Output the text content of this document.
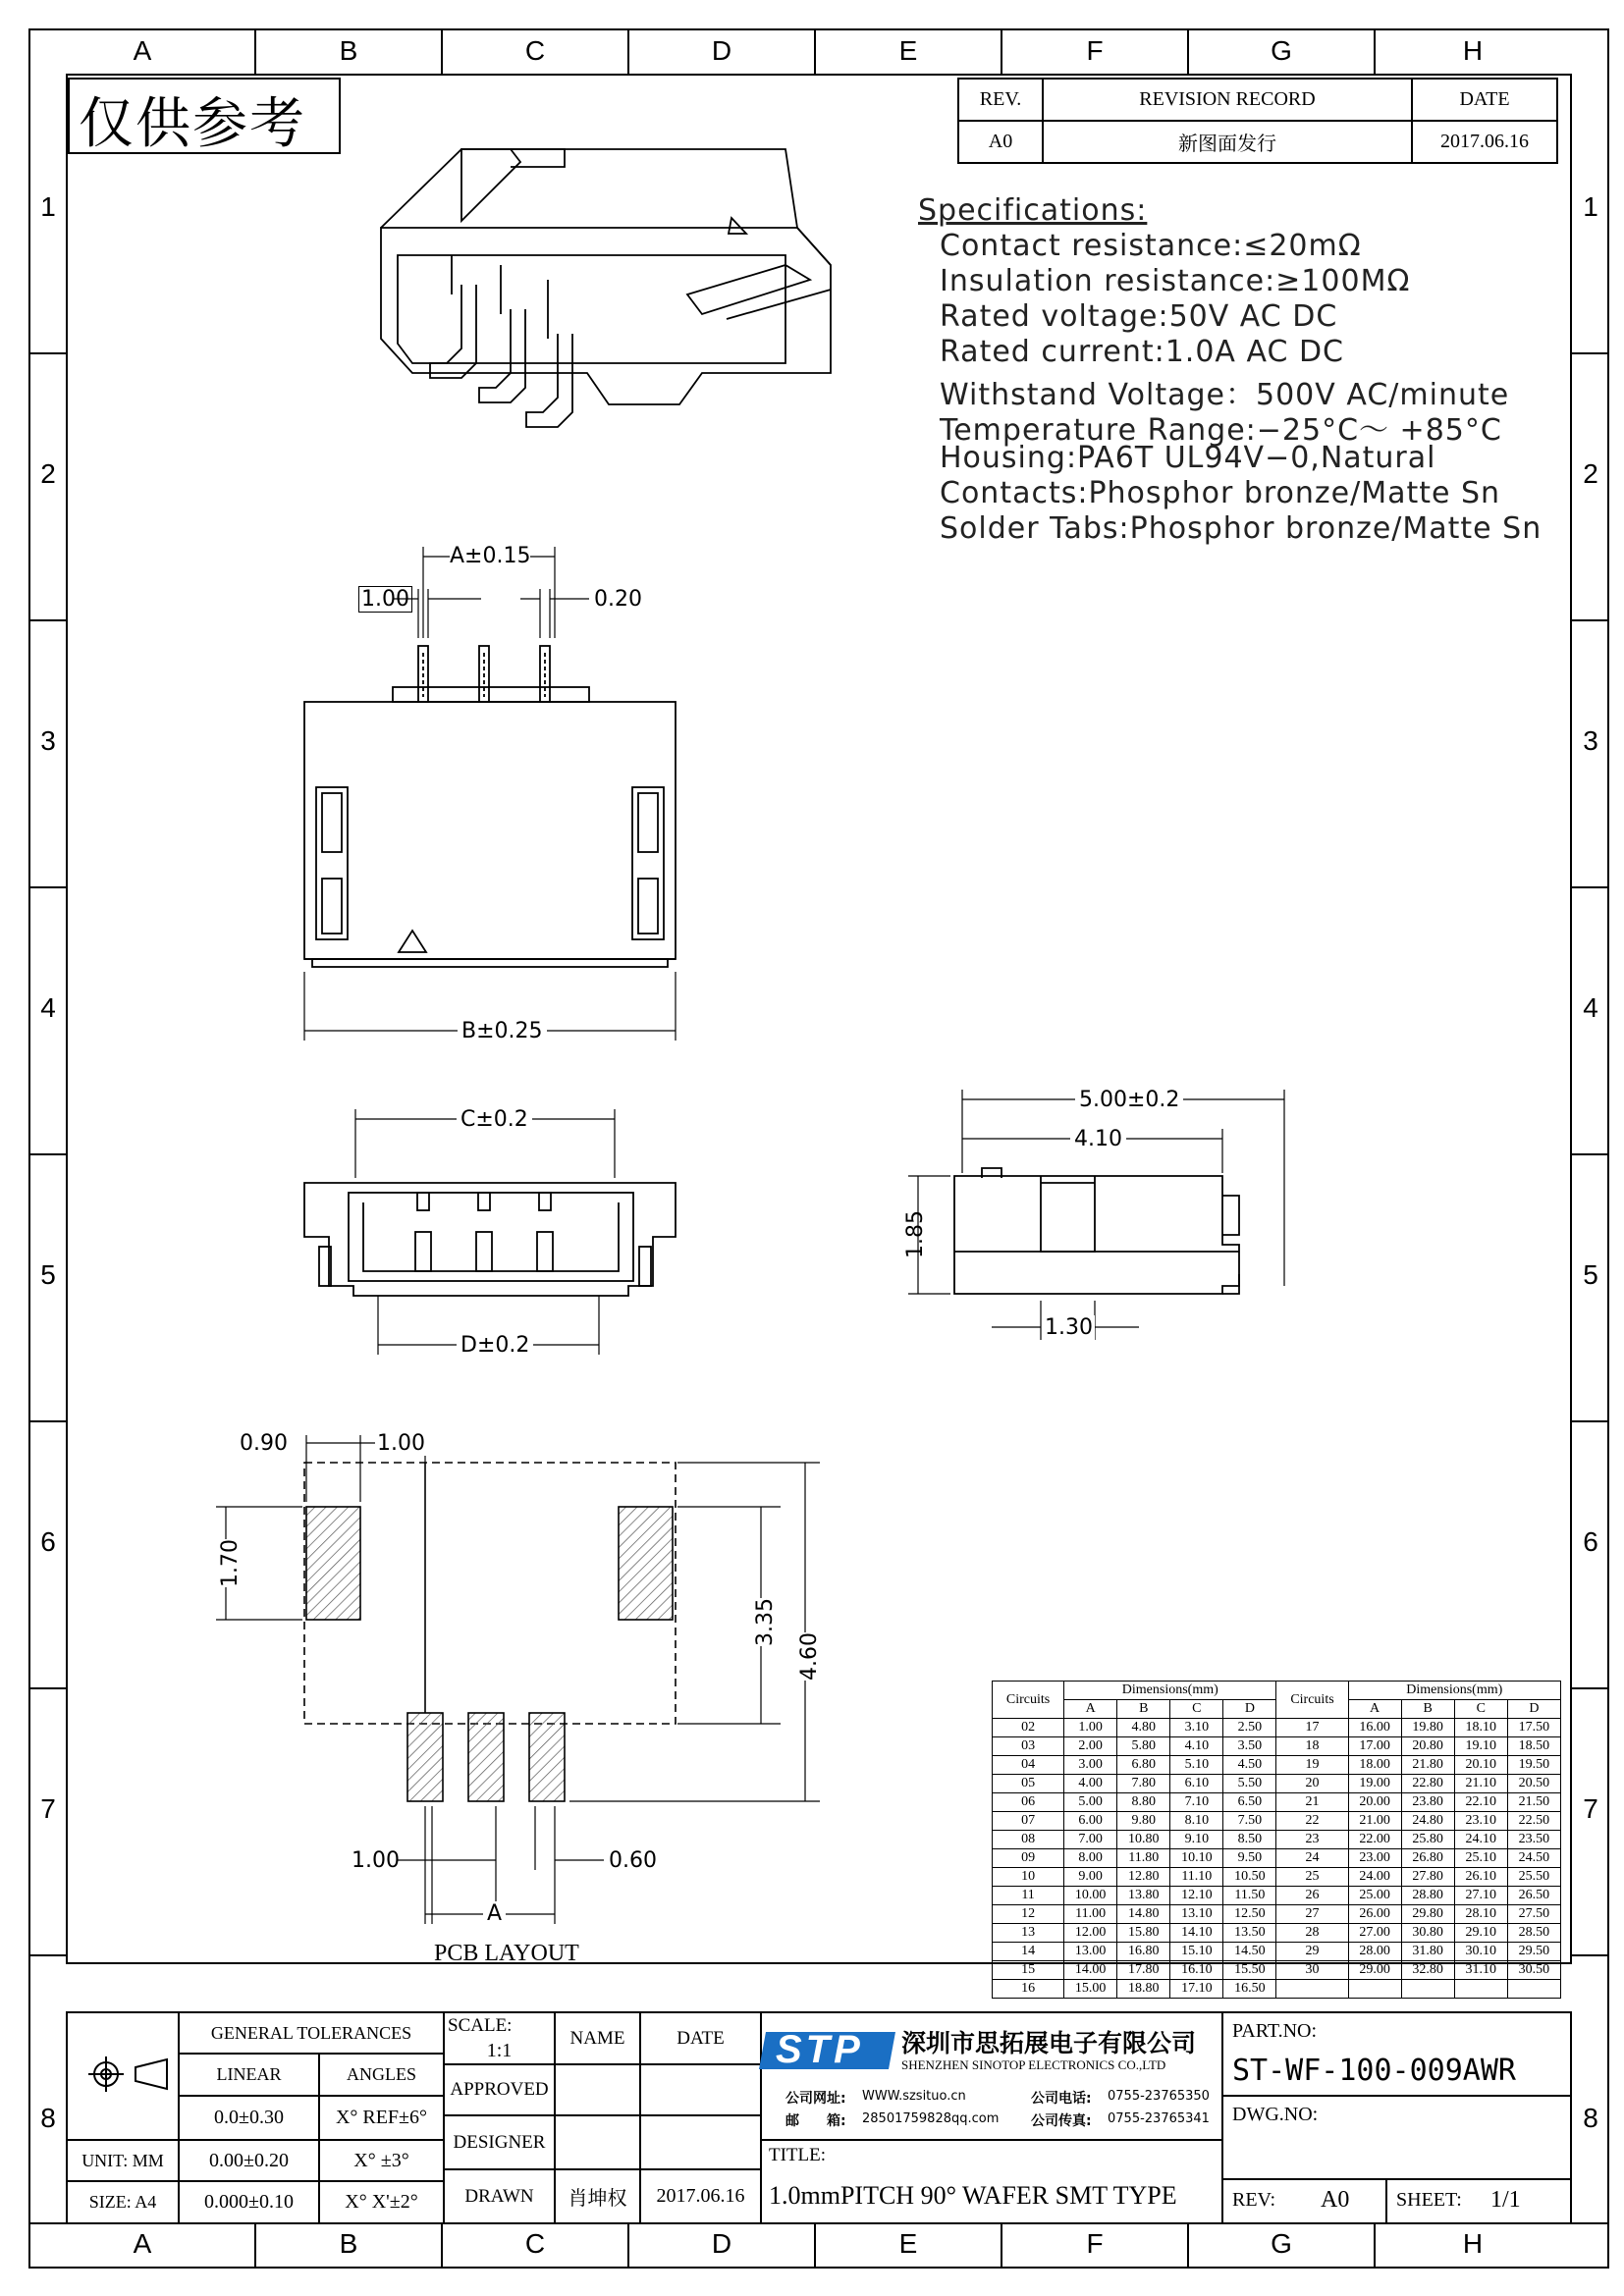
A	B	C	D	E	F	G	H
A	B	C	D	E	F	G	H
1
2
3
4
5
6
7
8
1
2
3
4
5
6
7
8
仅供参考	REV.	REVISION RECORD	DATE
A0	新图面发行	2017.06.16
Specifications:
Contact resistance:≤20mΩ
Insulation resistance:≥100MΩ
Rated voltage:50V AC DC
Rated current:1.0A AC DC
Withstand Voltage：500V AC/minute
Temperature Range:−25°C～ +85°C
Housing:PA6T UL94V−0,Natural
Contacts:Phosphor bronze/Matte Sn
Solder Tabs:Phosphor bronze/Matte Sn
A±0.15
1.00	0.20
B±0.25
C±0.2
D±0.2
5.00±0.2
4.10
1.85
1.30
0.90	1.00
1.70
3.35
4.60
1.00	0.60
A
PCB LAYOUT
Circuits	Dimensions(mm)				Circuits	Dimensions(mm)			
	A	B	C	D		A	B	C	D
02	1.00	4.80	3.10	2.50	17	16.00	19.80	18.10	17.50
03	2.00	5.80	4.10	3.50	18	17.00	20.80	19.10	18.50
04	3.00	6.80	5.10	4.50	19	18.00	21.80	20.10	19.50
05	4.00	7.80	6.10	5.50	20	19.00	22.80	21.10	20.50
06	5.00	8.80	7.10	6.50	21	20.00	23.80	22.10	21.50
07	6.00	9.80	8.10	7.50	22	21.00	24.80	23.10	22.50
08	7.00	10.80	9.10	8.50	23	22.00	25.80	24.10	23.50
09	8.00	11.80	10.10	9.50	24	23.00	26.80	25.10	24.50
10	9.00	12.80	11.10	10.50	25	24.00	27.80	26.10	25.50
11	10.00	13.80	12.10	11.50	26	25.00	28.80	27.10	26.50
12	11.00	14.80	13.10	12.50	27	26.00	29.80	28.10	27.50
13	12.00	15.80	14.10	13.50	28	27.00	30.80	29.10	28.50
14	13.00	16.80	15.10	14.50	29	28.00	31.80	30.10	29.50
15	14.00	17.80	16.10	15.50	30	29.00	32.80	31.10	30.50
16	15.00	18.80	17.10	16.50					
GENERAL TOLERANCES
LINEAR	ANGLES
0.0±0.30	X° REF±6°
UNIT: MM	0.00±0.20	X° ±3°
SIZE: A4	0.000±0.10	X° X'±2°
SCALE:
1:1
NAME	DATE
APPROVED
DESIGNER
DRAWN	肖坤权	2017.06.16
STP 深圳市思拓展电子有限公司
SHENZHEN SINOTOP ELECTRONICS CO.,LTD
公司网址: WWW.szsituo.cn	公司电话: 0755-23765350
邮　　箱: 28501759828qq.com 公司传真: 0755-23765341
TITLE:
1.0mmPITCH 90° WAFER SMT TYPE
PART.NO:
ST-WF-100-009AWR
DWG.NO:
REV: A0 SHEET: 1/1
